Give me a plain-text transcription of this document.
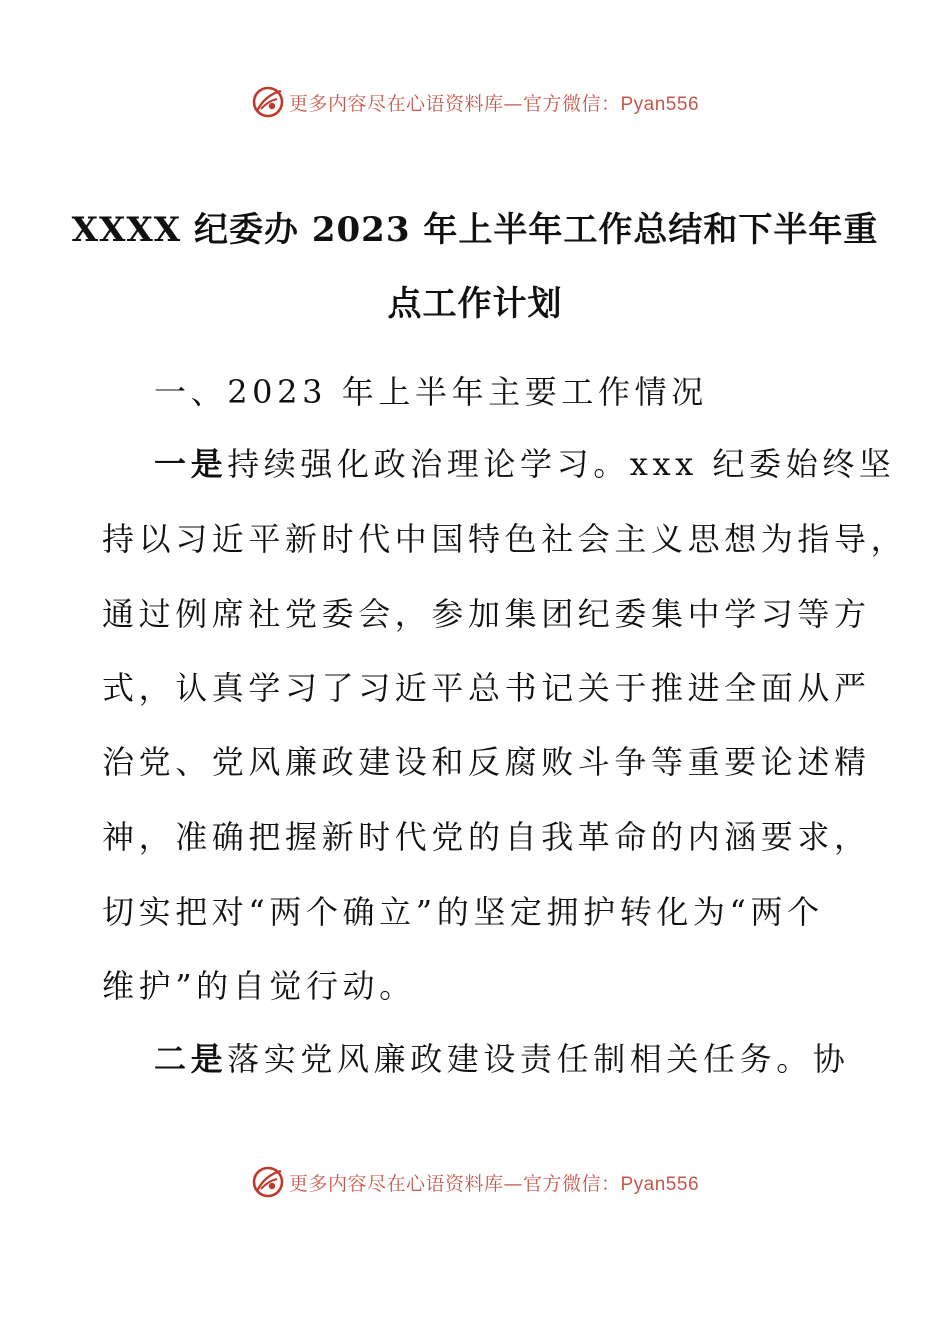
更多内容尽在心语资料库—官方微信：Pyan556
XXXX 纪委办 2023 年上半年工作总结和下半年重
点工作计划
一、2023 年上半年主要工作情况
一是持续强化政治理论学习。xxx 纪委始终坚
持以习近平新时代中国特色社会主义思想为指导，
通过例席社党委会，参加集团纪委集中学习等方
式，认真学习了习近平总书记关于推进全面从严
治党、党风廉政建设和反腐败斗争等重要论述精
神，准确把握新时代党的自我革命的内涵要求，
切实把对“两个确立”的坚定拥护转化为“两个
维护”的自觉行动。
二是落实党风廉政建设责任制相关任务。协
更多内容尽在心语资料库—官方微信：Pyan556
